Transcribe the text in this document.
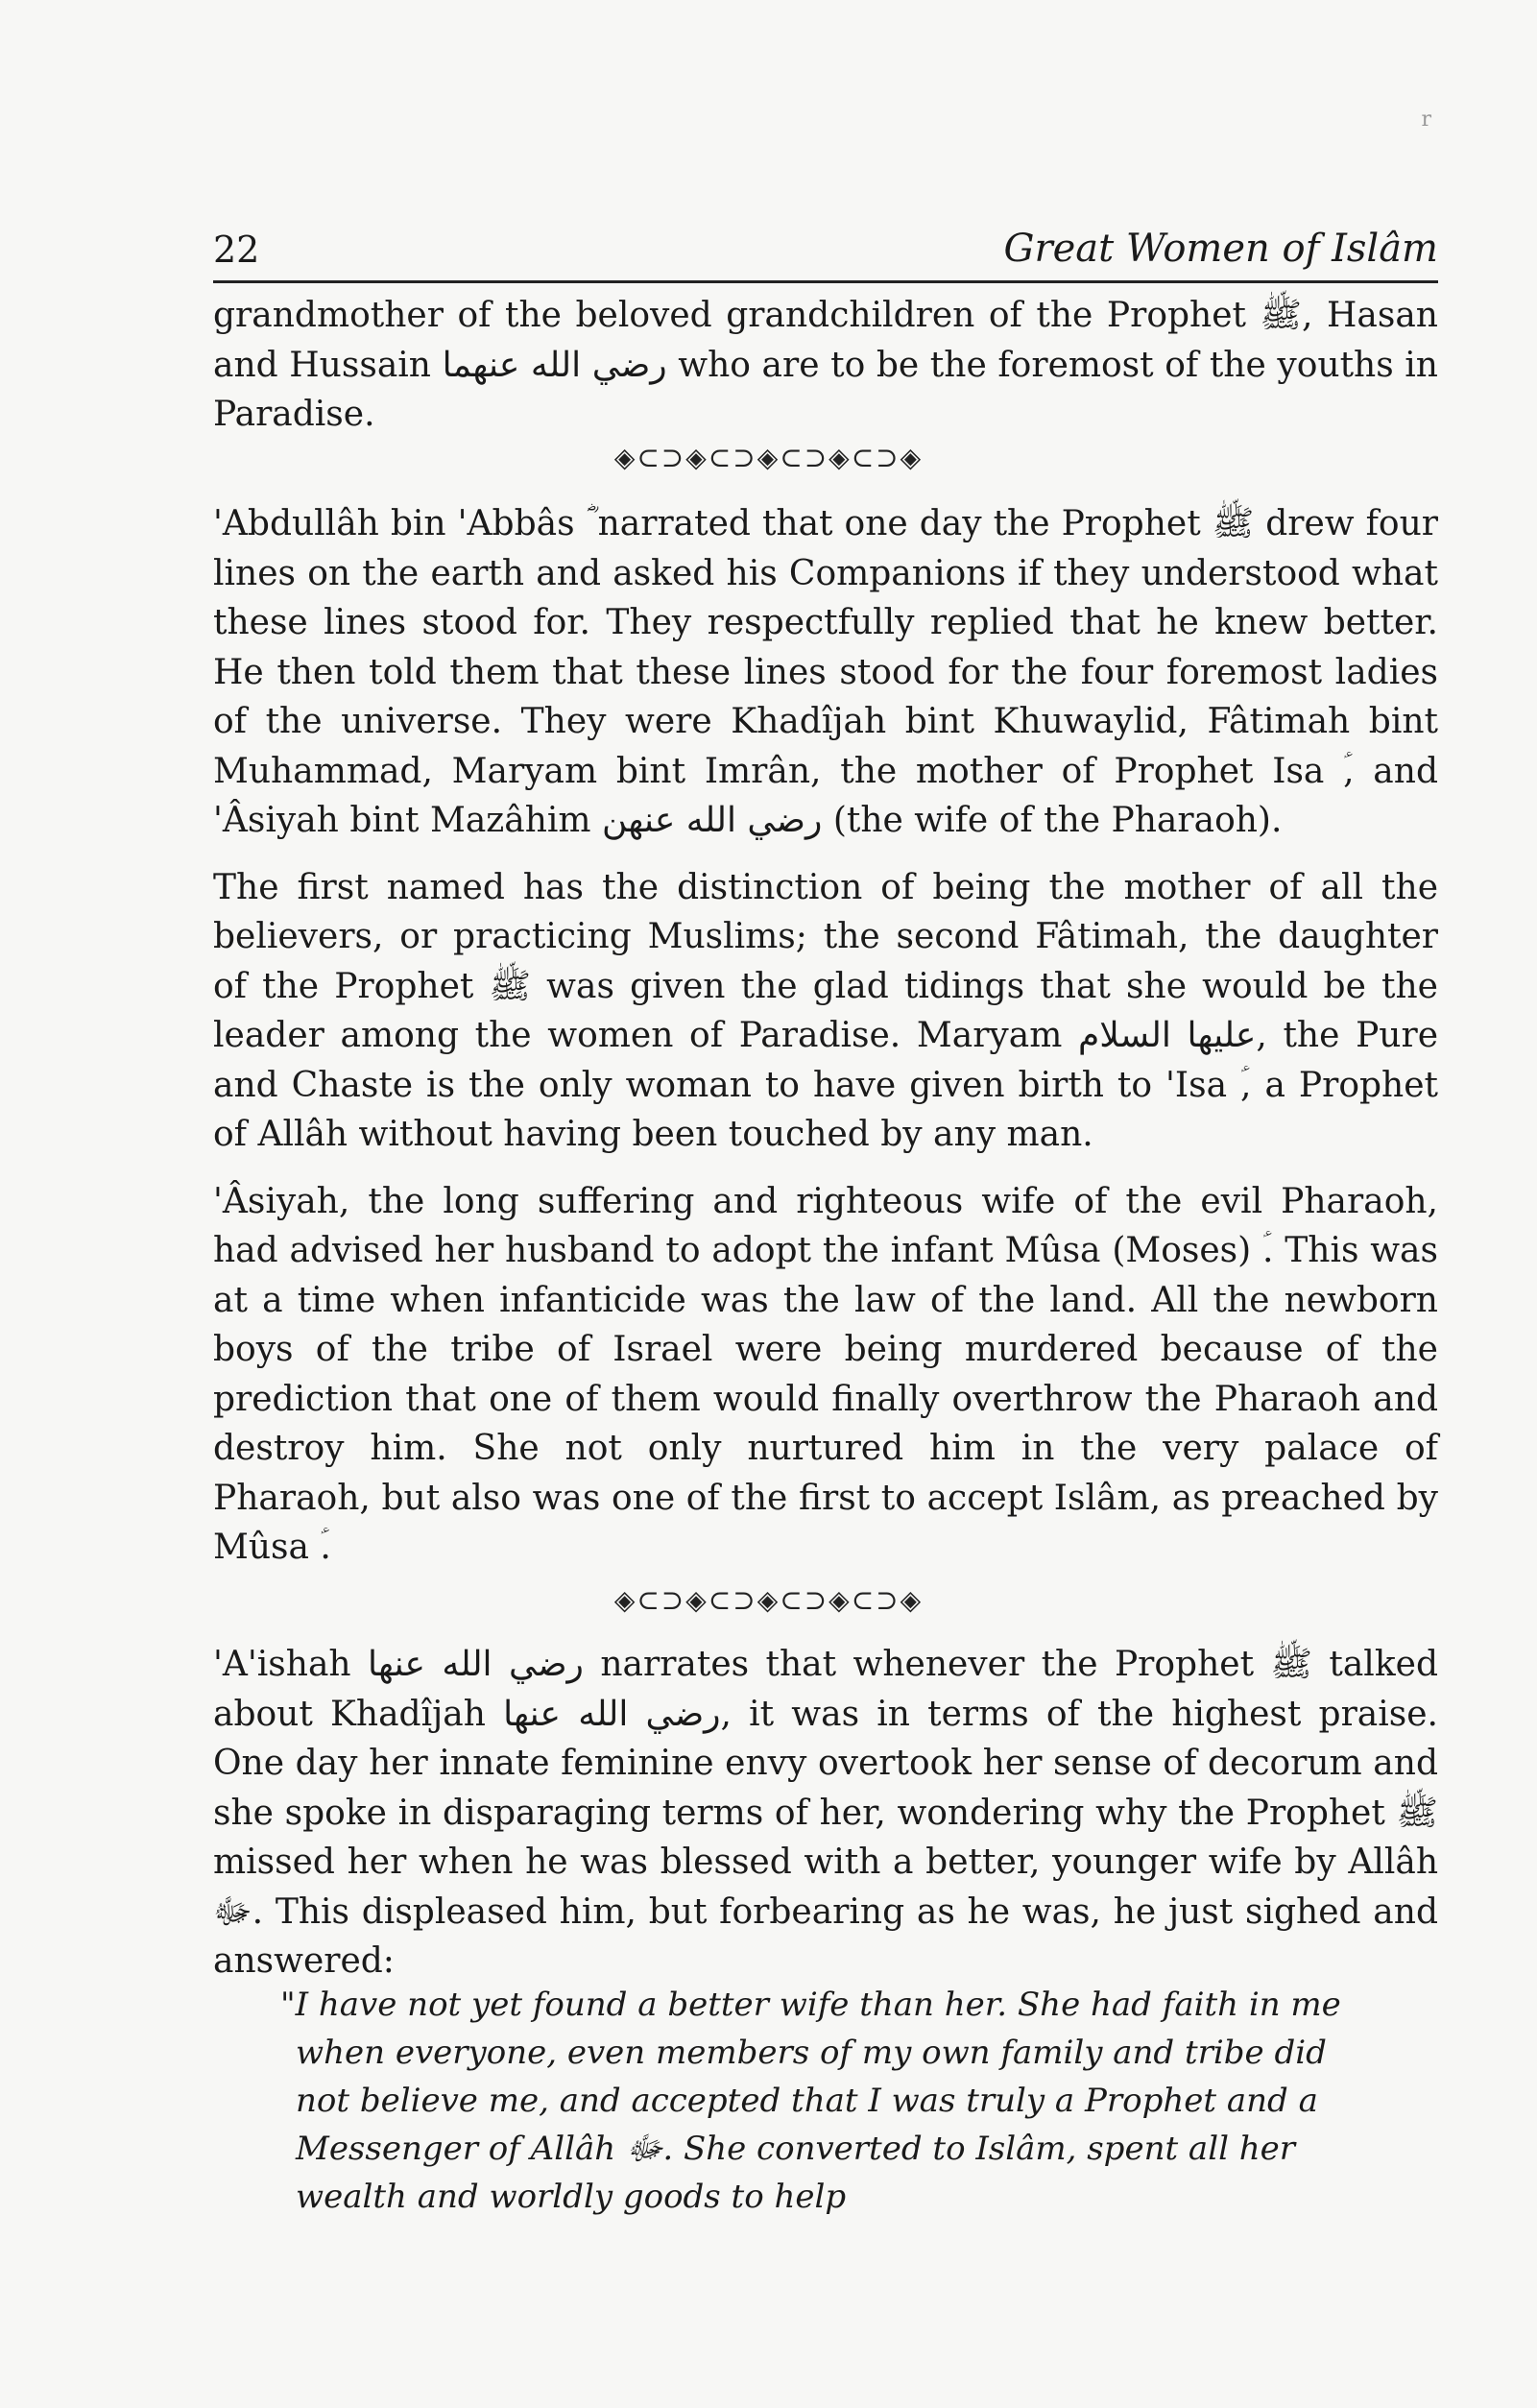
r
22	Great Women of Islâm

grandmother of the beloved grandchildren of the Prophet ﷺ, Hasan and Hussain رضي الله عنهما who are to be the foremost of the youths in Paradise.

◈⊂⊃◈⊂⊃◈⊂⊃◈⊂⊃◈

'Abdullâh bin 'Abbâs ؓ narrated that one day the Prophet ﷺ drew four lines on the earth and asked his Companions if they understood what these lines stood for. They respectfully replied that he knew better. He then told them that these lines stood for the four foremost ladies of the universe. They were Khadîjah bint Khuwaylid, Fâtimah bint Muhammad, Maryam bint Imrân, the mother of Prophet Isa ؑ, and 'Âsiyah bint Mazâhim رضي الله عنهن (the wife of the Pharaoh).

The first named has the distinction of being the mother of all the believers, or practicing Muslims; the second Fâtimah, the daughter of the Prophet ﷺ was given the glad tidings that she would be the leader among the women of Paradise. Maryam عليها السلام, the Pure and Chaste is the only woman to have given birth to 'Isa ؑ, a Prophet of Allâh without having been touched by any man.

'Âsiyah, the long suffering and righteous wife of the evil Pharaoh, had advised her husband to adopt the infant Mûsa (Moses) ؑ. This was at a time when infanticide was the law of the land. All the newborn boys of the tribe of Israel were being murdered because of the prediction that one of them would finally overthrow the Pharaoh and destroy him. She not only nurtured him in the very palace of Pharaoh, but also was one of the first to accept Islâm, as preached by Mûsa ؑ.

◈⊂⊃◈⊂⊃◈⊂⊃◈⊂⊃◈

'A'ishah رضي الله عنها narrates that whenever the Prophet ﷺ talked about Khadîjah رضي الله عنها, it was in terms of the highest praise. One day her innate feminine envy overtook her sense of decorum and she spoke in disparaging terms of her, wondering why the Prophet ﷺ missed her when he was blessed with a better, younger wife by Allâh ﷻ. This displeased him, but forbearing as he was, he just sighed and answered:

"I have not yet found a better wife than her. She had faith in me when everyone, even members of my own family and tribe did not believe me, and accepted that I was truly a Prophet and a Messenger of Allâh ﷻ. She converted to Islâm, spent all her wealth and worldly goods to help
